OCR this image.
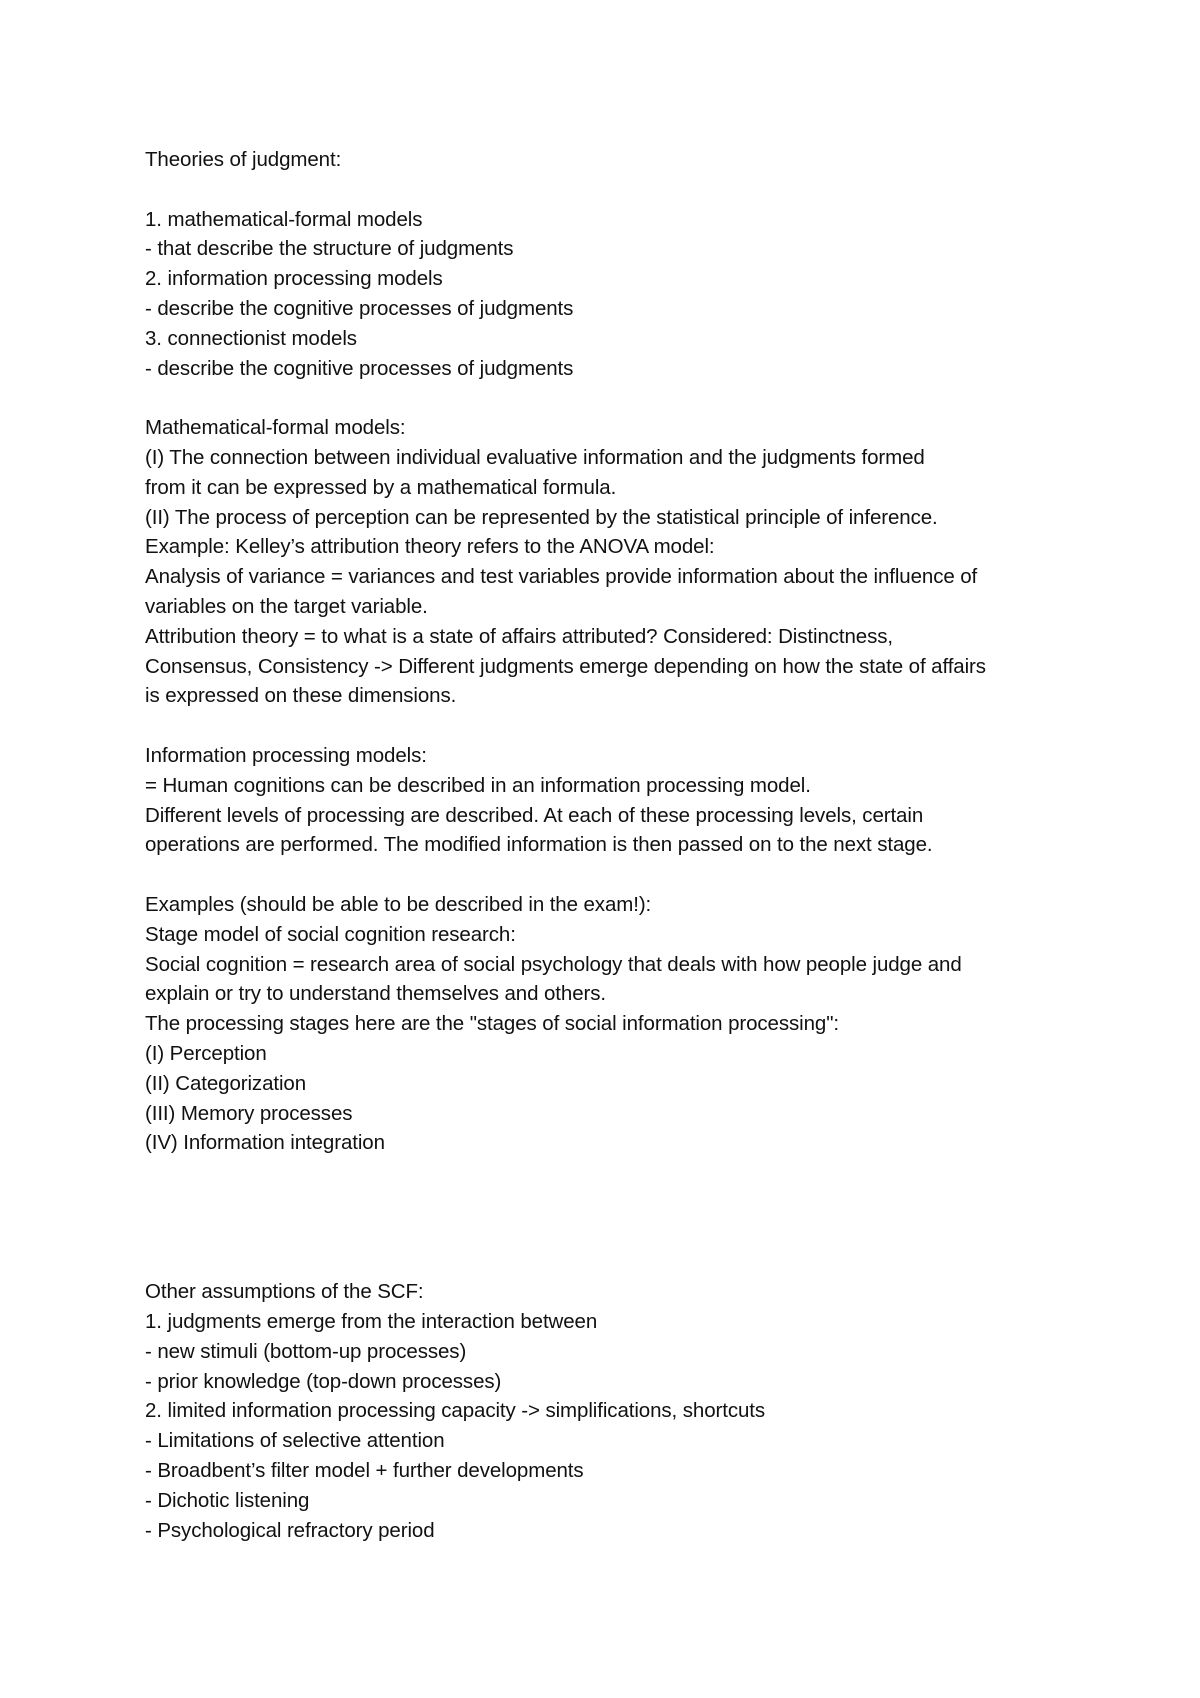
Theories of judgment:
1. mathematical-formal models
- that describe the structure of judgments
2. information processing models
- describe the cognitive processes of judgments
3. connectionist models
- describe the cognitive processes of judgments
Mathematical-formal models:
(I) The connection between individual evaluative information and the judgments formed
from it can be expressed by a mathematical formula.
(II) The process of perception can be represented by the statistical principle of inference.
Example: Kelley’s attribution theory refers to the ANOVA model:
Analysis of variance = variances and test variables provide information about the influence of
variables on the target variable.
Attribution theory = to what is a state of affairs attributed? Considered: Distinctness,
Consensus, Consistency -> Different judgments emerge depending on how the state of affairs
is expressed on these dimensions.
Information processing models:
= Human cognitions can be described in an information processing model.
Different levels of processing are described. At each of these processing levels, certain
operations are performed. The modified information is then passed on to the next stage.
Examples (should be able to be described in the exam!):
Stage model of social cognition research:
Social cognition = research area of social psychology that deals with how people judge and
explain or try to understand themselves and others.
The processing stages here are the "stages of social information processing":
(I) Perception
(II) Categorization
(III) Memory processes
(IV) Information integration
Other assumptions of the SCF:
1. judgments emerge from the interaction between
- new stimuli (bottom-up processes)
- prior knowledge (top-down processes)
2. limited information processing capacity -> simplifications, shortcuts
- Limitations of selective attention
- Broadbent’s filter model + further developments
- Dichotic listening
- Psychological refractory period
